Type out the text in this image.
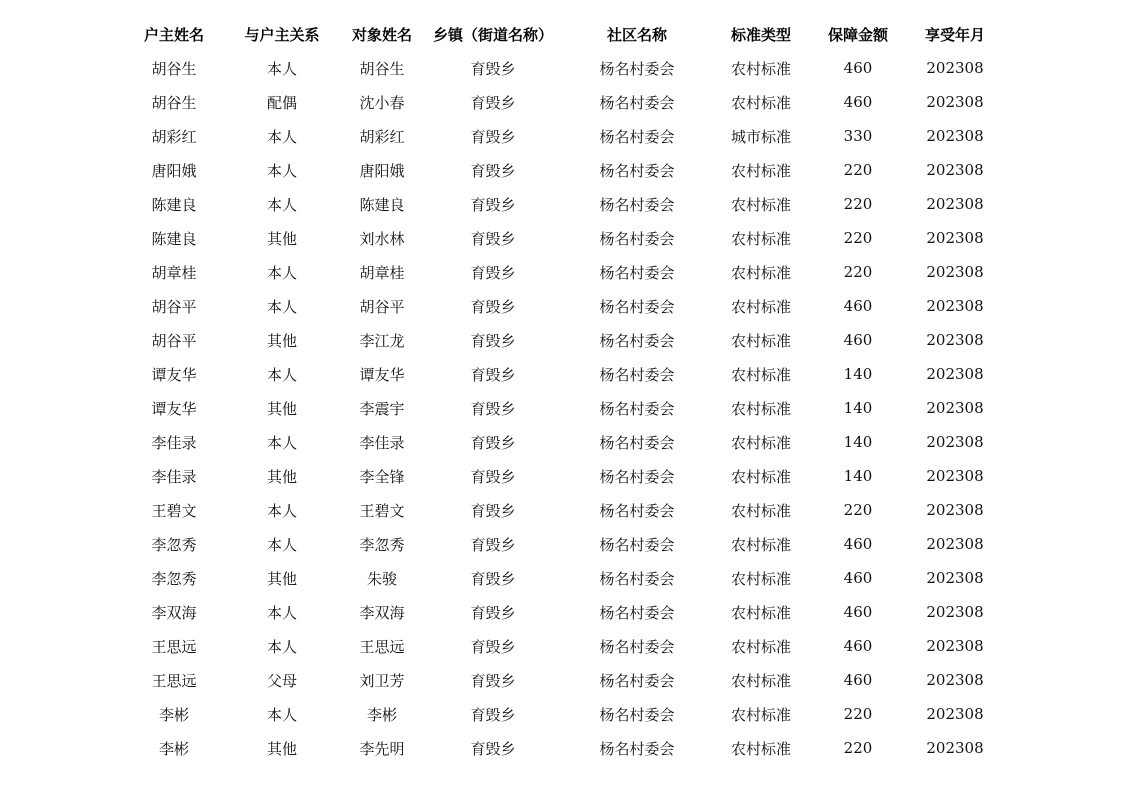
户主姓名	与户主关系	对象姓名	乡镇（街道名称）	社区名称	标准类型	保障金额	享受年月
胡谷生	本人	胡谷生	育毁乡	杨名村委会	农村标准	460	202308
胡谷生	配偶	沈小春	育毁乡	杨名村委会	农村标准	460	202308
胡彩红	本人	胡彩红	育毁乡	杨名村委会	城市标准	330	202308
唐阳娥	本人	唐阳娥	育毁乡	杨名村委会	农村标准	220	202308
陈建良	本人	陈建良	育毁乡	杨名村委会	农村标准	220	202308
陈建良	其他	刘水林	育毁乡	杨名村委会	农村标准	220	202308
胡章桂	本人	胡章桂	育毁乡	杨名村委会	农村标准	220	202308
胡谷平	本人	胡谷平	育毁乡	杨名村委会	农村标准	460	202308
胡谷平	其他	李江龙	育毁乡	杨名村委会	农村标准	460	202308
谭友华	本人	谭友华	育毁乡	杨名村委会	农村标准	140	202308
谭友华	其他	李震宇	育毁乡	杨名村委会	农村标准	140	202308
李佳录	本人	李佳录	育毁乡	杨名村委会	农村标准	140	202308
李佳录	其他	李全锋	育毁乡	杨名村委会	农村标准	140	202308
王碧文	本人	王碧文	育毁乡	杨名村委会	农村标准	220	202308
李忽秀	本人	李忽秀	育毁乡	杨名村委会	农村标准	460	202308
李忽秀	其他	朱骏	育毁乡	杨名村委会	农村标准	460	202308
李双海	本人	李双海	育毁乡	杨名村委会	农村标准	460	202308
王思远	本人	王思远	育毁乡	杨名村委会	农村标准	460	202308
王思远	父母	刘卫芳	育毁乡	杨名村委会	农村标准	460	202308
李彬	本人	李彬	育毁乡	杨名村委会	农村标准	220	202308
李彬	其他	李先明	育毁乡	杨名村委会	农村标准	220	202308
